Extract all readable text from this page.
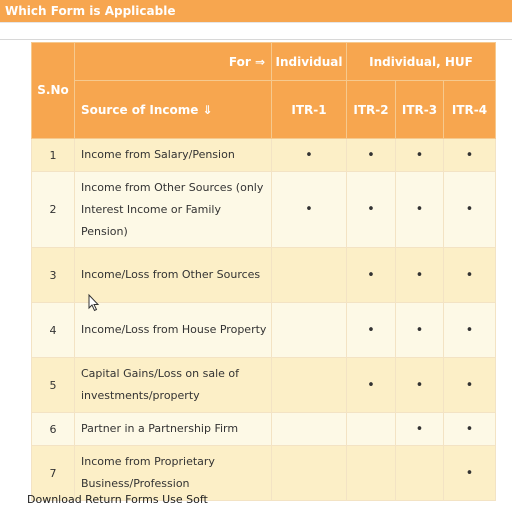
Which Form is Applicable
S.No	For ⇒	Individual	Individual, HUF		
	Source of Income ⇓	ITR-1	ITR-2	ITR-3	ITR-4
1	Income from Salary/Pension	•	•	•	•
2	Income from Other Sources (only Interest Income or Family Pension)	•	•	•	•
3	Income/Loss from Other Sources		•	•	•
4	Income/Loss from House Property		•	•	•
5	Capital Gains/Loss on sale of investments/property		•	•	•
6	Partner in a Partnership Firm			•	•
7	Income from Proprietary Business/Profession				•
Download Return Forms Use Soft
